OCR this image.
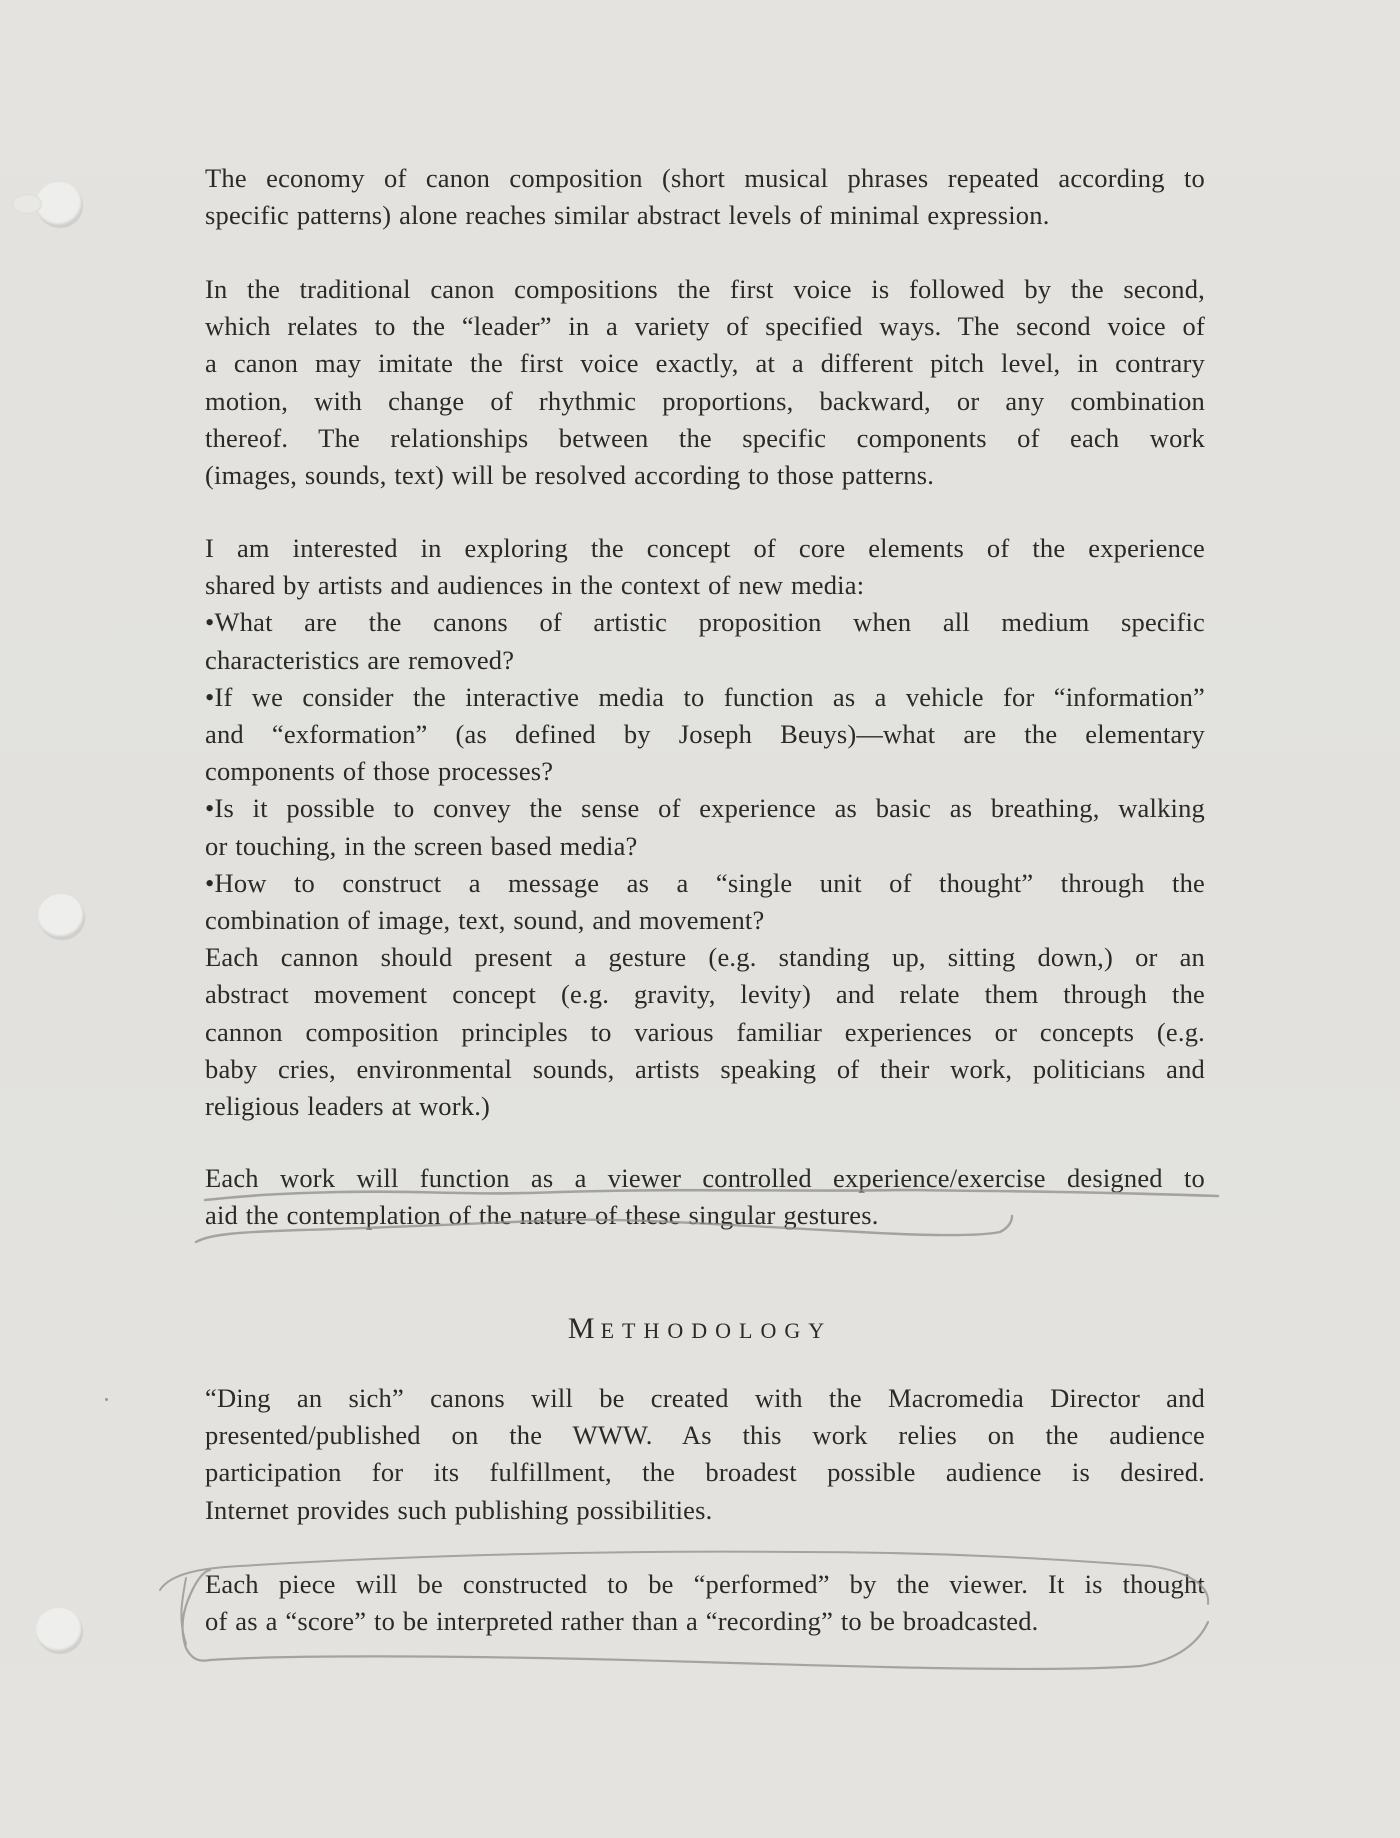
The economy of canon composition (short musical phrases repeated according to
specific patterns) alone reaches similar abstract levels of minimal expression.
In the traditional canon compositions the first voice is followed by the second,
which relates to the “leader” in a variety of specified ways. The second voice of
a canon may imitate the first voice exactly, at a different pitch level, in contrary
motion, with change of rhythmic proportions, backward, or any combination
thereof. The relationships between the specific components of each work
(images, sounds, text) will be resolved according to those patterns.
I am interested in exploring the concept of core elements of the experience
shared by artists and audiences in the context of new media:
•What are the canons of artistic proposition when all medium specific
characteristics are removed?
•If we consider the interactive media to function as a vehicle for “information”
and “exformation” (as defined by Joseph Beuys)—what are the elementary
components of those processes?
•Is it possible to convey the sense of experience as basic as breathing, walking
or touching, in the screen based media?
•How to construct a message as a “single unit of thought” through the
combination of image, text, sound, and movement?
Each cannon should present a gesture (e.g. standing up, sitting down,) or an
abstract movement concept (e.g. gravity, levity) and relate them through the
cannon composition principles to various familiar experiences or concepts (e.g.
baby cries, environmental sounds, artists speaking of their work, politicians and
religious leaders at work.)
Each work will function as a viewer controlled experience/exercise designed to
aid the contemplation of the nature of these singular gestures.
METHODOLOGY
“Ding an sich” canons will be created with the Macromedia Director and
presented/published on the WWW. As this work relies on the audience
participation for its fulfillment, the broadest possible audience is desired.
Internet provides such publishing possibilities.
Each piece will be constructed to be “performed” by the viewer. It is thought
of as a “score” to be interpreted rather than a “recording” to be broadcasted.
